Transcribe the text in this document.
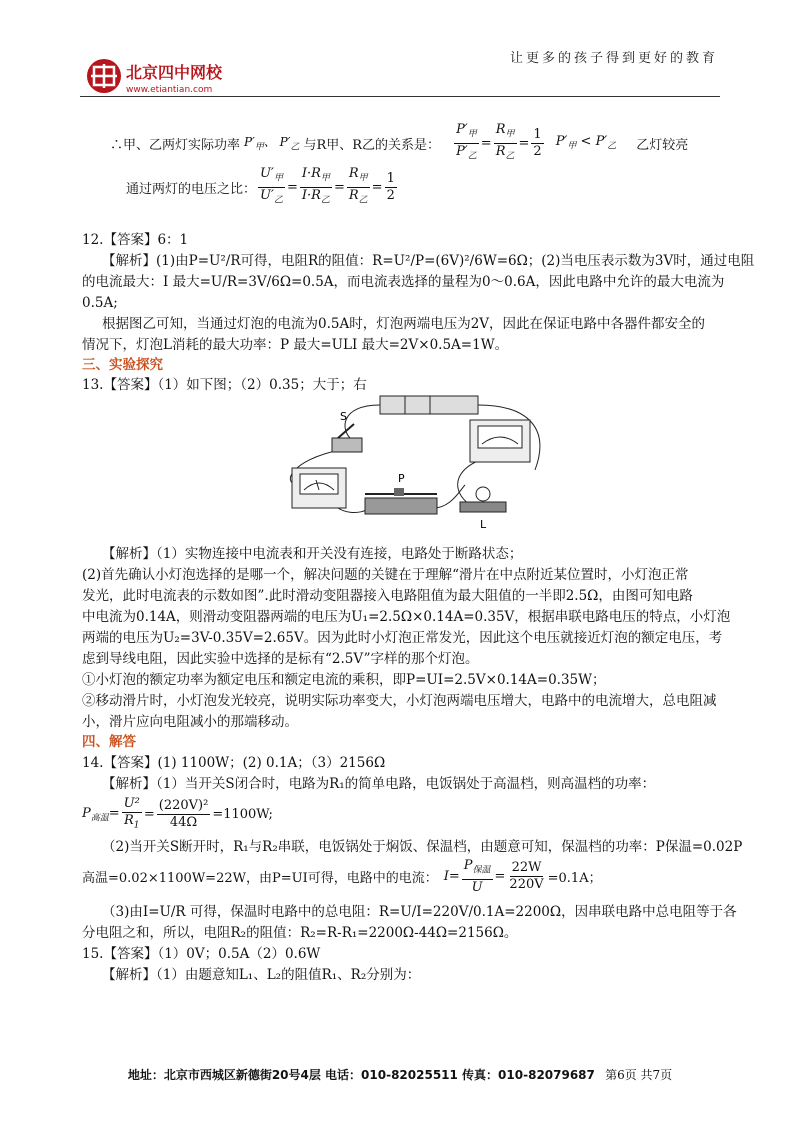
北京四中网校
www.etiantian.com
让更多的孩子得到更好的教育
∴甲、乙两灯实际功率 $P'_甲$、 $P'_乙$ 与R甲、R乙的关系是： $\frac{P'_甲}{P'_乙} = \frac{R_甲}{R_乙} = \frac{1}{2} P'_甲 < P'_乙$ 乙灯较亮
通过两灯的电压之比： $\frac{U'_甲}{U'_乙} = \frac{I\cdot R_甲}{I\cdot R_乙} = \frac{R_甲}{R_乙} = \frac{1}{2}$
12.【答案】6：1
【解析】(1)由P=U²/R可得，电阻R的阻值：R=U²/P=(6V)²/6W=6Ω；(2)当电压表示数为3V时，通过电阻
的电流最大：I 最大=U/R=3V/6Ω=0.5A，而电流表选择的量程为0～0.6A，因此电路中允许的最大电流为
0.5A;
根据图乙可知，当通过灯泡的电流为0.5A时，灯泡两端电压为2V，因此在保证电路中各器件都安全的
情况下，灯泡L消耗的最大功率：P 最大=ULI 最大=2V×0.5A=1W。
三、实验探究
13.【答案】（1）如下图；（2）0.35；大于；右
S
P
L
【解析】（1）实物连接中电流表和开关没有连接，电路处于断路状态；
(2)首先确认小灯泡选择的是哪一个，解决问题的关键在于理解“滑片在中点附近某位置时，小灯泡正常
发光，此时电流表的示数如图”.此时滑动变阻器接入电路阻值为最大阻值的一半即2.5Ω，由图可知电路
中电流为0.14A，则滑动变阻器两端的电压为U₁=2.5Ω×0.14A=0.35V，根据串联电路电压的特点，小灯泡
两端的电压为U₂=3V-0.35V=2.65V。因为此时小灯泡正常发光，因此这个电压就接近灯泡的额定电压，考
虑到导线电阻，因此实验中选择的是标有“2.5V”字样的那个灯泡。
①小灯泡的额定功率为额定电压和额定电流的乘积，即P=UI=2.5V×0.14A=0.35W；
②移动滑片时，小灯泡发光较亮，说明实际功率变大，小灯泡两端电压增大，电路中的电流增大，总电阻减
小，滑片应向电阻减小的那端移动。
四、解答
14.【答案】(1) 1100W；(2) 0.1A；（3）2156Ω
【解析】（1）当开关S闭合时，电路为R₁的简单电路，电饭锅处于高温档，则高温档的功率：
$P_{高温}= \frac{\text{U²}}{R_1} = \frac{\text{(220V)²}}{44\Omega} =1100W$;
（2)当开关S断开时，R₁与R₂串联，电饭锅处于焖饭、保温档，由题意可知，保温档的功率：P保温=0.02P
高温=0.02×1100W=22W，由P=UI可得，电路中的电流： $I= \frac{P_{保温}}{U} = \frac{22W}{220V} =0.1A$；
（3)由I=U/R 可得，保温时电路中的总电阻：R=U/I=220V/0.1A=2200Ω，因串联电路中总电阻等于各
分电阻之和，所以，电阻R₂的阻值：R₂=R-R₁=2200Ω-44Ω=2156Ω。
15.【答案】（1）0V；0.5A（2）0.6W
【解析】（1）由题意知L₁、L₂的阻值R₁、R₂分别为：
地址：北京市西城区新德街20号4层 电话：010-82025511 传真：010-82079687 第6页 共7页
